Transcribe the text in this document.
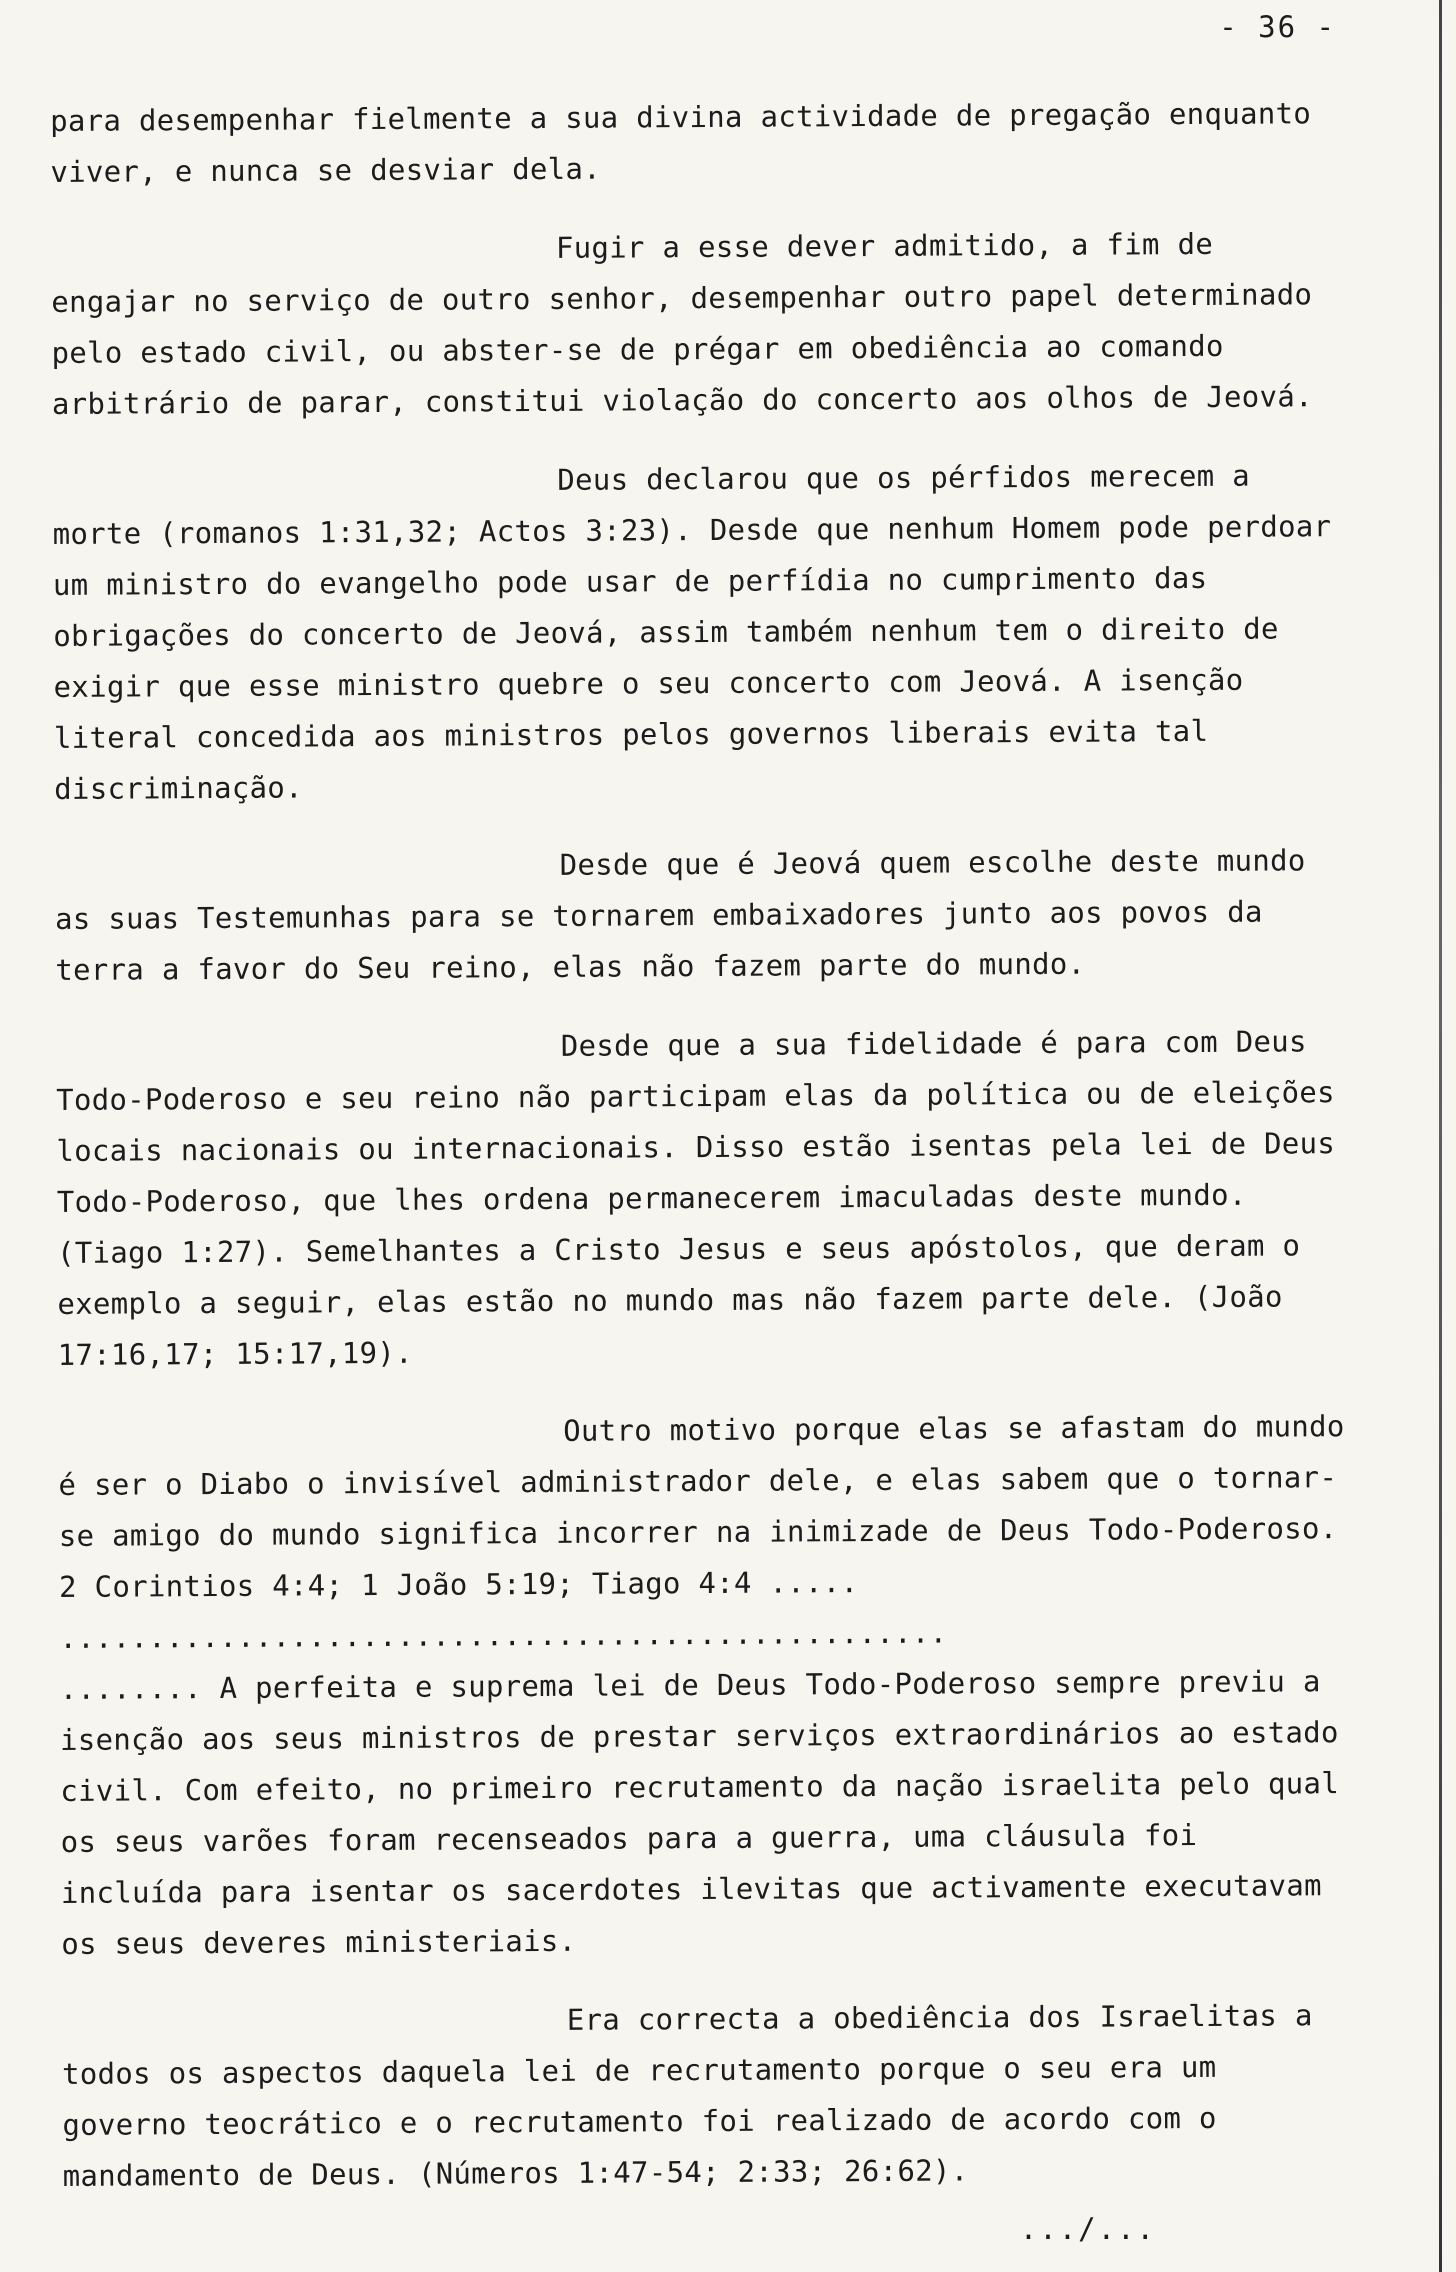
- 36 -

para desempenhar fielmente a sua divina actividade de pregação enquanto viver, e nunca se desviar dela.

Fugir a esse dever admitido, a fim de engajar no serviço de outro senhor, desempenhar outro papel determinado pelo estado civil, ou abster-se de prégar em obediência ao comando arbitrário de parar, constitui violação do concerto aos olhos de Jeová.

Deus declarou que os pérfidos merecem a morte (romanos 1:31,32; Actos 3:23). Desde que nenhum Homem pode perdoar um ministro do evangelho pode usar de perfídia no cumprimento das obrigações do concerto de Jeová, assim também nenhum tem o direito de exigir que esse ministro quebre o seu concerto com Jeová. A isenção literal concedida aos ministros pelos governos liberais evita tal discriminação.

Desde que é Jeová quem escolhe deste mundo as suas Testemunhas para se tornarem embaixadores junto aos povos da terra a favor do Seu reino, elas não fazem parte do mundo.

Desde que a sua fidelidade é para com Deus Todo-Poderoso e seu reino não participam elas da política ou de eleições locais nacionais ou internacionais. Disso estão isentas pela lei de Deus Todo-Poderoso, que lhes ordena permanecerem imaculadas deste mundo. (Tiago 1:27). Semelhantes a Cristo Jesus e seus apóstolos, que deram o exemplo a seguir, elas estão no mundo mas não fazem parte dele. (João 17:16,17; 15:17,19).

Outro motivo porque elas se afastam do mundo é ser o Diabo o invisível administrador dele, e elas sabem que o tornar-se amigo do mundo significa incorrer na inimizade de Deus Todo-Poderoso. 2 Corintios 4:4; 1 João 5:19; Tiago 4:4 .....

..................................................

........ A perfeita e suprema lei de Deus Todo-Poderoso sempre previu a isenção aos seus ministros de prestar serviços extraordinários ao estado civil. Com efeito, no primeiro recrutamento da nação israelita pelo qual os seus varões foram recenseados para a guerra, uma cláusula foi incluída para isentar os sacerdotes ilevitas que activamente executavam os seus deveres ministeriais.

Era correcta a obediência dos Israelitas a todos os aspectos daquela lei de recrutamento porque o seu era um governo teocrático e o recrutamento foi realizado de acordo com o mandamento de Deus. (Números 1:47-54; 2:33; 26:62).

.../...
